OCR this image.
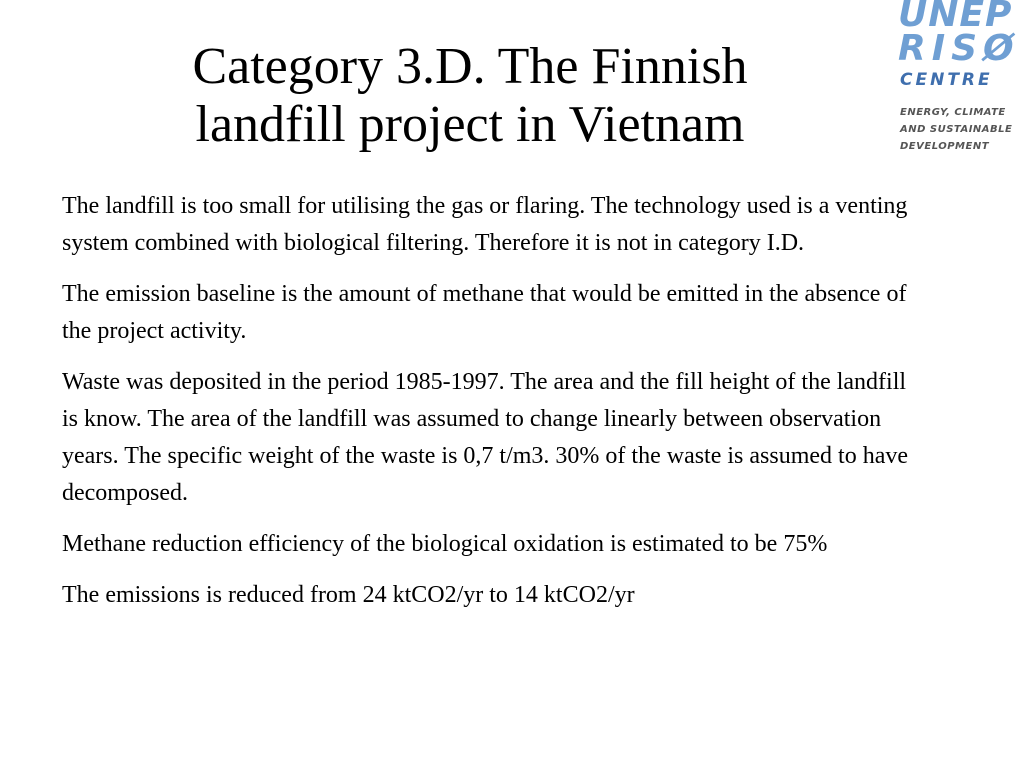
Category 3.D. The Finnish
landfill project in Vietnam
UNEP
RISØ
CENTRE
ENERGY, CLIMATE
AND SUSTAINABLE
DEVELOPMENT

The landfill is too small for utilising the gas or flaring. The technology used is a venting system combined with biological filtering. Therefore it is not in category I.D.

The emission baseline is the amount of methane that would be emitted in the absence of the project activity.

Waste was deposited in the period 1985-1997. The area and the fill height of the landfill is know. The area of the landfill was assumed to change linearly between observation years. The specific weight of the waste is 0,7 t/m3. 30% of the waste is assumed to have decomposed.

Methane reduction efficiency of the biological oxidation is estimated to be 75%

The emissions is reduced from 24 ktCO2/yr to 14 ktCO2/yr
